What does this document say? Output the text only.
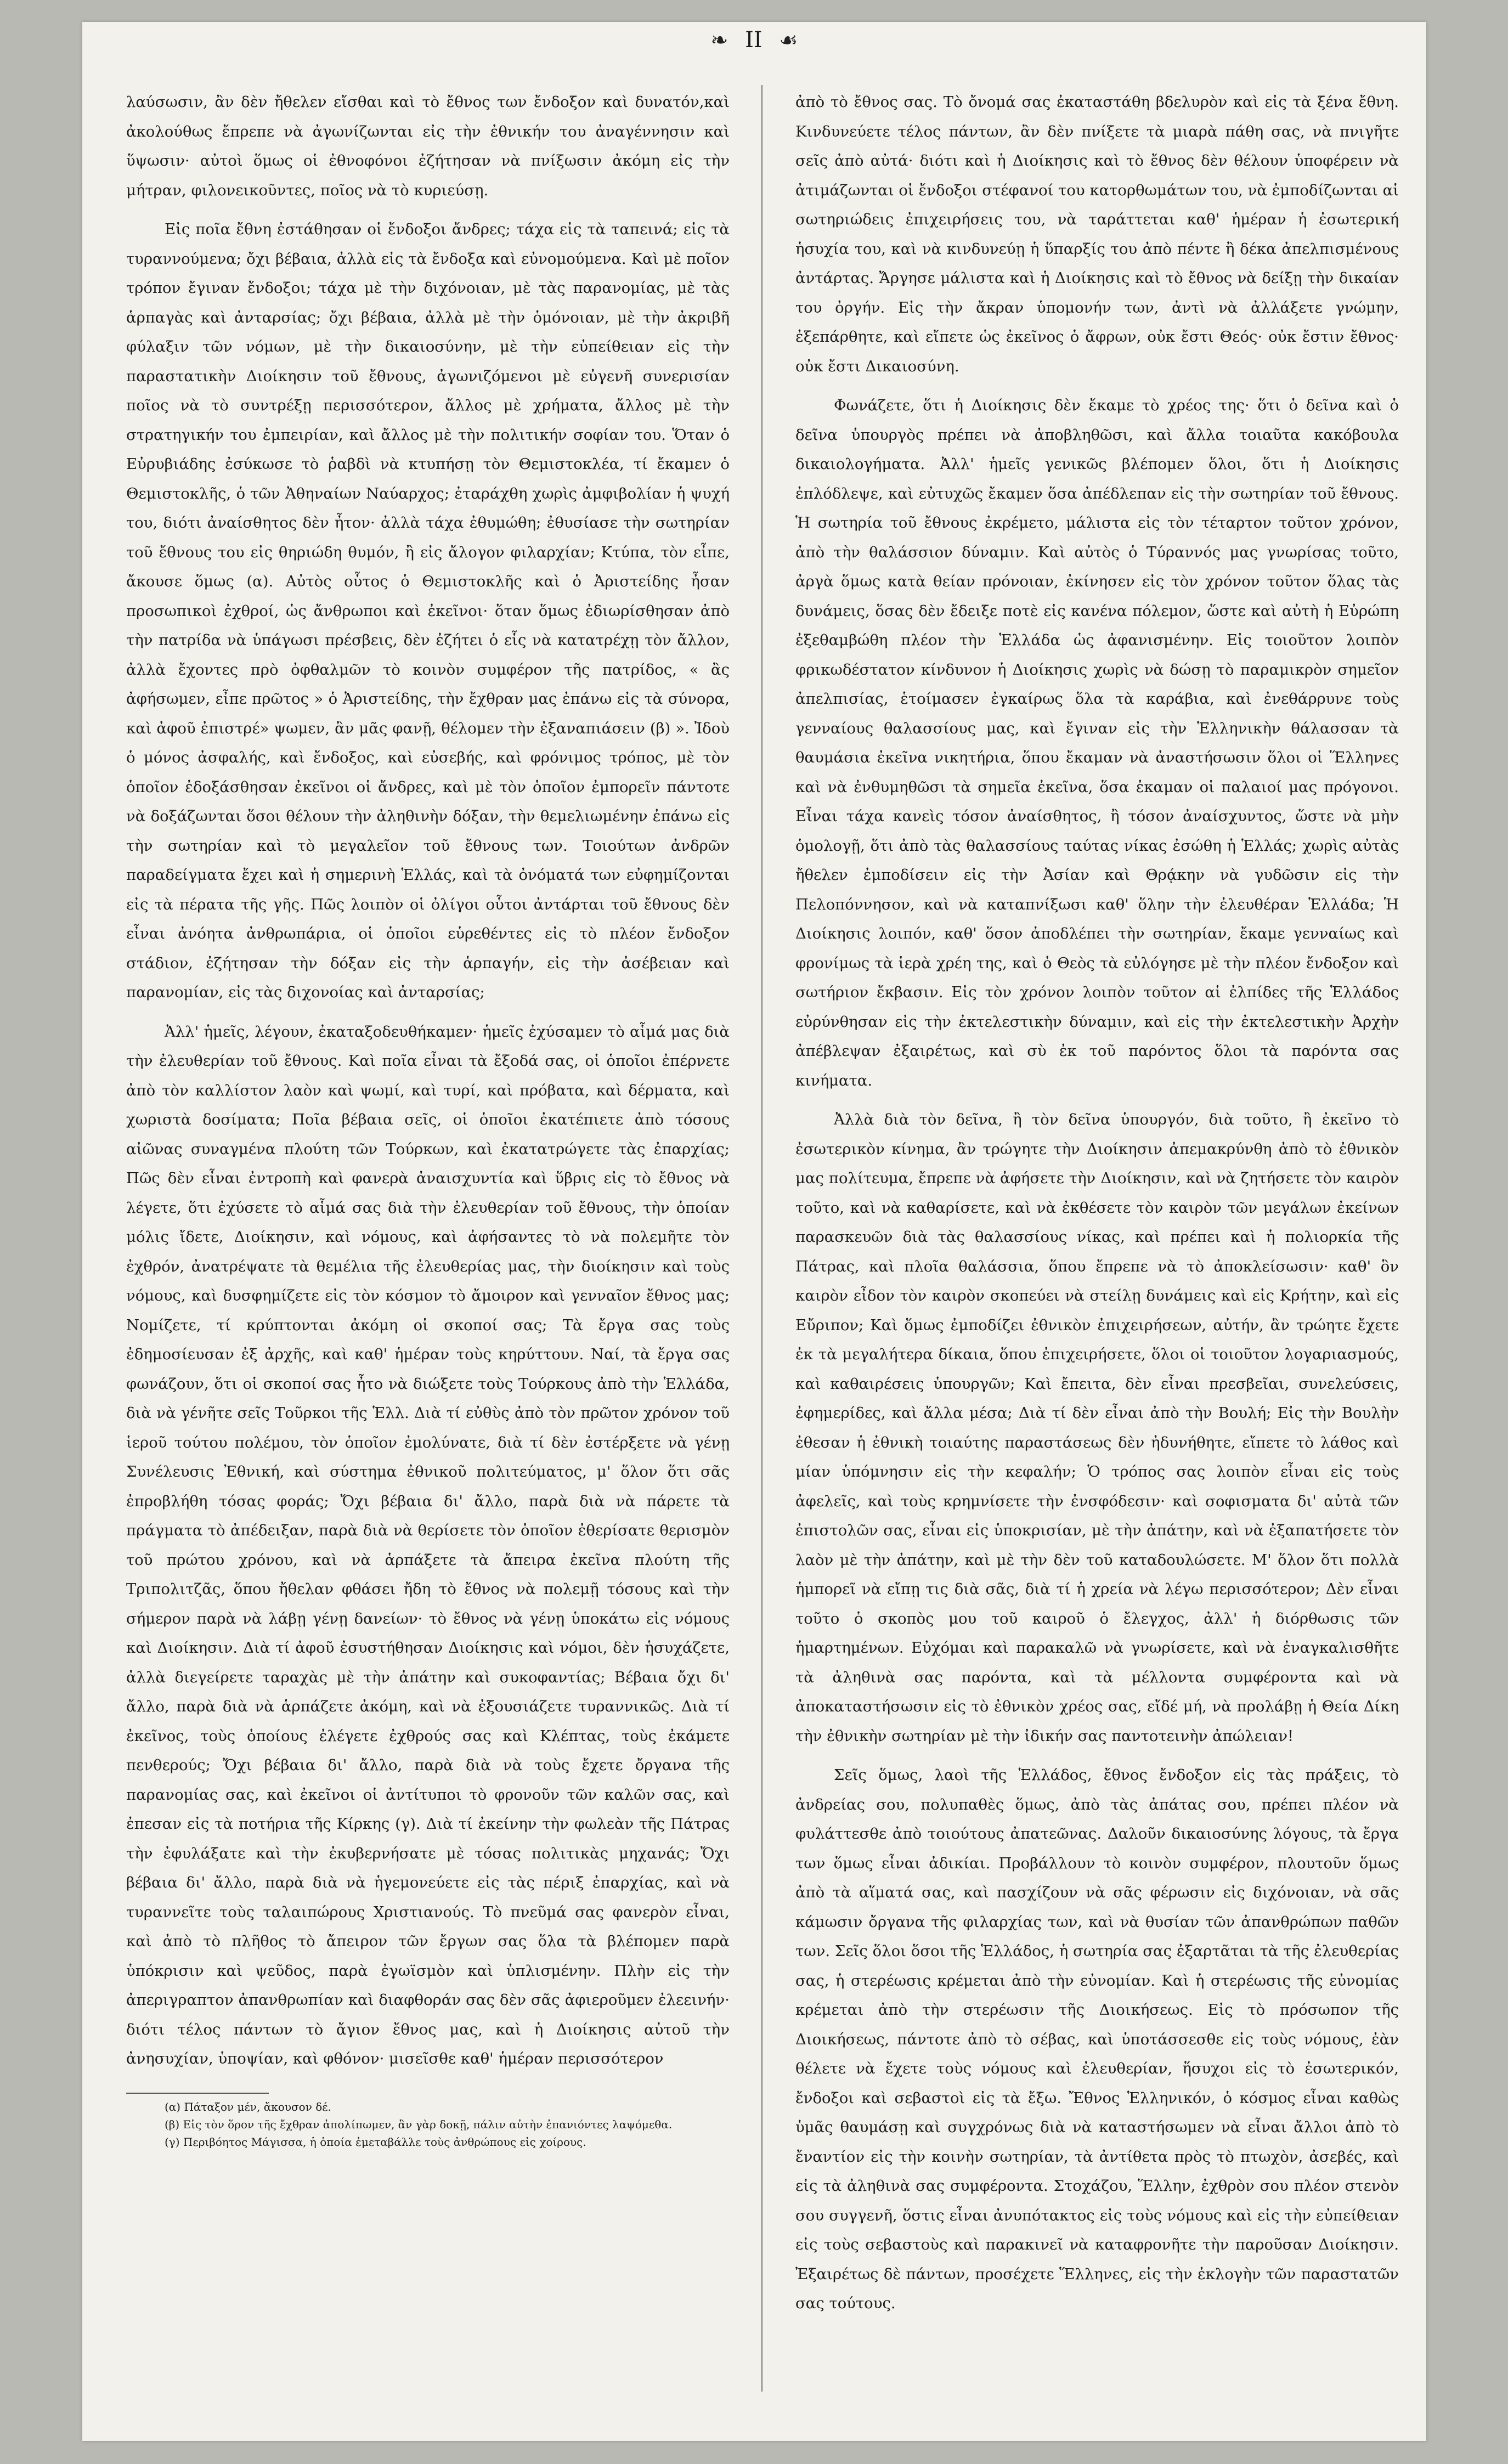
❧ ΙΙ ☙

λαύσωσιν, ἂν δὲν ἤθελεν εἴσθαι καὶ τὸ ἔθνος των ἔνδοξον καὶ δυνατόν,καὶ ἀκολούθως ἔπρεπε νὰ ἀγωνίζωνται εἰς τὴν ἐθνικήν του ἀναγέννησιν καὶ ὕψωσιν· αὐτοὶ ὅμως οἱ ἐθνοφόνοι ἐζήτησαν νὰ πνίξωσιν ἀκόμη εἰς τὴν μήτραν, φιλονεικοῦντες, ποῖος νὰ τὸ κυριεύσῃ.

Εἰς ποῖα ἔθνη ἐστάθησαν οἱ ἔνδοξοι ἄνδρες; τάχα εἰς τὰ ταπεινά; εἰς τὰ τυραννούμενα; ὄχι βέβαια, ἀλλὰ εἰς τὰ ἔνδοξα καὶ εὐνομούμενα. Καὶ μὲ ποῖον τρόπον ἔγιναν ἔνδοξοι; τάχα μὲ τὴν διχόνοιαν, μὲ τὰς παρανομίας, μὲ τὰς ἁρπαγὰς καὶ ἀνταρσίας; ὄχι βέβαια, ἀλλὰ μὲ τὴν ὁμόνοιαν, μὲ τὴν ἀκριβῆ φύλαξιν τῶν νόμων, μὲ τὴν δικαιοσύνην, μὲ τὴν εὐπείθειαν εἰς τὴν παραστατικὴν Διοίκησιν τοῦ ἔθνους, ἀγωνιζόμενοι μὲ εὐγενῆ συνερισίαν ποῖος νὰ τὸ συντρέξῃ περισσότερον, ἄλλος μὲ χρήματα, ἄλλος μὲ τὴν στρατηγικήν του ἐμπειρίαν, καὶ ἄλλος μὲ τὴν πολιτικήν σοφίαν του. Ὅταν ὁ Εὐρυβιάδης ἐσύκωσε τὸ ῥαβδὶ νὰ κτυπήσῃ τὸν Θεμιστοκλέα, τί ἔκαμεν ὁ Θεμιστοκλῆς, ὁ τῶν Ἀθηναίων Ναύαρχος; ἐταράχθη χωρὶς ἀμφιβολίαν ἡ ψυχή του, διότι ἀναίσθητος δὲν ἦτον· ἀλλὰ τάχα ἐθυμώθη; ἐθυσίασε τὴν σωτηρίαν τοῦ ἔθνους του εἰς θηριώδη θυμόν, ἢ εἰς ἄλογον φιλαρχίαν; Κτύπα, τὸν εἶπε, ἄκουσε ὅμως (α). Αὐτὸς οὗτος ὁ Θεμιστοκλῆς καὶ ὁ Ἀριστείδης ἦσαν προσωπικοὶ ἐχθροί, ὡς ἄνθρωποι καὶ ἐκεῖνοι· ὅταν ὅμως ἐδιωρίσθησαν ἀπὸ τὴν πατρίδα νὰ ὑπάγωσι πρέσβεις, δὲν ἐζήτει ὁ εἷς νὰ κατατρέχῃ τὸν ἄλλον, ἀλλὰ ἔχοντες πρὸ ὀφθαλμῶν τὸ κοινὸν συμφέρον τῆς πατρίδος, « ἂς ἀφήσωμεν, εἶπε πρῶτος » ὁ Ἀριστείδης, τὴν ἔχθραν μας ἐπάνω εἰς τὰ σύνορα, καὶ ἀφοῦ ἐπιστρέ» ψωμεν, ἂν μᾶς φανῇ, θέλομεν τὴν ἐξαναπιάσειν (β) ». Ἰδοὺ ὁ μόνος ἀσφαλής, καὶ ἔνδοξος, καὶ εὐσεβής, καὶ φρόνιμος τρόπος, μὲ τὸν ὁποῖον ἐδοξάσθησαν ἐκεῖνοι οἱ ἄνδρες, καὶ μὲ τὸν ὁποῖον ἐμπορεῖν πάντοτε νὰ δοξάζωνται ὅσοι θέλουν τὴν ἀληθινὴν δόξαν, τὴν θεμελιωμένην ἐπάνω εἰς τὴν σωτηρίαν καὶ τὸ μεγαλεῖον τοῦ ἔθνους των. Τοιούτων ἀνδρῶν παραδείγματα ἔχει καὶ ἡ σημερινὴ Ἑλλάς, καὶ τὰ ὀνόματά των εὐφημίζονται εἰς τὰ πέρατα τῆς γῆς. Πῶς λοιπὸν οἱ ὀλίγοι οὗτοι ἀντάρται τοῦ ἔθνους δὲν εἶναι ἀνόητα ἀνθρωπάρια, οἱ ὁποῖοι εὑρεθέντες εἰς τὸ πλέον ἔνδοξον στάδιον, ἐζήτησαν τὴν δόξαν εἰς τὴν ἁρπαγήν, εἰς τὴν ἀσέβειαν καὶ παρανομίαν, εἰς τὰς διχονοίας καὶ ἀνταρσίας;

Ἀλλ' ἡμεῖς, λέγουν, ἐκαταξοδευθήκαμεν· ἡμεῖς ἐχύσαμεν τὸ αἷμά μας διὰ τὴν ἐλευθερίαν τοῦ ἔθνους. Καὶ ποῖα εἶναι τὰ ἔξοδά σας, οἱ ὁποῖοι ἐπέρνετε ἀπὸ τὸν καλλίστον λαὸν καὶ ψωμί, καὶ τυρί, καὶ πρόβατα, καὶ δέρματα, καὶ χωριστὰ δοσίματα; Ποῖα βέβαια σεῖς, οἱ ὁποῖοι ἐκατέπιετε ἀπὸ τόσους αἰῶνας συναγμένα πλούτη τῶν Τούρκων, καὶ ἐκατατρώγετε τὰς ἐπαρχίας; Πῶς δὲν εἶναι ἐντροπὴ καὶ φανερὰ ἀναισχυντία καὶ ὕβρις εἰς τὸ ἔθνος νὰ λέγετε, ὅτι ἐχύσετε τὸ αἷμά σας διὰ τὴν ἐλευθερίαν τοῦ ἔθνους, τὴν ὁποίαν μόλις ἴδετε, Διοίκησιν, καὶ νόμους, καὶ ἀφήσαντες τὸ νὰ πολεμῆτε τὸν ἐχθρόν, ἀνατρέψατε τὰ θεμέλια τῆς ἐλευθερίας μας, τὴν διοίκησιν καὶ τοὺς νόμους, καὶ δυσφημίζετε εἰς τὸν κόσμον τὸ ἄμοιρον καὶ γενναῖον ἔθνος μας; Νομίζετε, τί κρύπτονται ἀκόμη οἱ σκοποί σας; Τὰ ἔργα σας τοὺς ἐδημοσίευσαν ἐξ ἀρχῆς, καὶ καθ' ἡμέραν τοὺς κηρύττουν. Ναί, τὰ ἔργα σας φωνάζουν, ὅτι οἱ σκοποί σας ἦτο νὰ διώξετε τοὺς Τούρκους ἀπὸ τὴν Ἑλλάδα, διὰ νὰ γένῆτε σεῖς Τοῦρκοι τῆς Ἑλλ. Διὰ τί εὐθὺς ἀπὸ τὸν πρῶτον χρόνον τοῦ ἱεροῦ τούτου πολέμου, τὸν ὁποῖον ἐμολύνατε, διὰ τί δὲν ἐστέρξετε νὰ γένῃ Συνέλευσις Ἐθνική, καὶ σύστημα ἐθνικοῦ πολιτεύματος, μ' ὅλον ὅτι σᾶς ἐπροβλήθη τόσας φοράς; Ὄχι βέβαια δι' ἄλλο, παρὰ διὰ νὰ πάρετε τὰ πράγματα τὸ ἀπέδειξαν, παρὰ διὰ νὰ θερίσετε τὸν ὁποῖον ἐθερίσατε θερισμὸν τοῦ πρώτου χρόνου, καὶ νὰ ἁρπάξετε τὰ ἄπειρα ἐκεῖνα πλούτη τῆς Τριπολιτζᾶς, ὅπου ἤθελαν φθάσει ἤδη τὸ ἔθνος νὰ πολεμῇ τόσους καὶ τὴν σήμερον παρὰ νὰ λάβῃ γένῃ δανείων· τὸ ἔθνος νὰ γένῃ ὑποκάτω εἰς νόμους καὶ Διοίκησιν. Διὰ τί ἀφοῦ ἐσυστήθησαν Διοίκησις καὶ νόμοι, δὲν ἡσυχάζετε, ἀλλὰ διεγείρετε ταραχὰς μὲ τὴν ἀπάτην καὶ συκοφαντίας; Βέβαια ὄχι δι' ἄλλο, παρὰ διὰ νὰ ἁρπάζετε ἀκόμη, καὶ νὰ ἐξουσιάζετε τυραννικῶς. Διὰ τί ἐκεῖνος, τοὺς ὁποίους ἐλέγετε ἐχθρούς σας καὶ Κλέπτας, τοὺς ἐκάμετε πενθερούς; Ὄχι βέβαια δι' ἄλλο, παρὰ διὰ νὰ τοὺς ἔχετε ὄργανα τῆς παρανομίας σας, καὶ ἐκεῖνοι οἱ ἀντίτυποι τὸ φρονοῦν τῶν καλῶν σας, καὶ ἐπεσαν εἰς τὰ ποτήρια τῆς Κίρκης (γ). Διὰ τί ἐκείνην τὴν φωλεὰν τῆς Πάτρας τὴν ἐφυλάξατε καὶ τὴν ἐκυβερνήσατε μὲ τόσας πολιτικὰς μηχανάς; Ὄχι βέβαια δι' ἄλλο, παρὰ διὰ νὰ ἡγεμονεύετε εἰς τὰς πέριξ ἐπαρχίας, καὶ νὰ τυραννεῖτε τοὺς ταλαιπώρους Χριστιανούς. Τὸ πνεῦμά σας φανερὸν εἶναι, καὶ ἀπὸ τὸ πλῆθος τὸ ἄπειρον τῶν ἔργων σας ὅλα τὰ βλέπομεν παρὰ ὑπόκρισιν καὶ ψεῦδος, παρὰ ἐγωϊσμὸν καὶ ὑπλισμένην. Πλὴν εἰς τὴν ἀπεριγραπτον ἀπανθρωπίαν καὶ διαφθοράν σας δὲν σᾶς ἀφιεροῦμεν ἐλεεινήν· διότι τέλος πάντων τὸ ἄγιον ἔθνος μας, καὶ ἡ Διοίκησις αὐτοῦ τὴν ἀνησυχίαν, ὑποψίαν, καὶ φθόνον· μισεῖσθε καθ' ἡμέραν περισσότερον

(α) Πάταξον μέν, ἄκουσον δέ.

(β) Εἰς τὸν ὅρον τῆς ἔχθραν ἀπολίπωμεν, ἂν γὰρ δοκῇ, πάλιν αὐτὴν ἐπανιόντες λαψόμεθα.

(γ) Περιβόητος Μάγισσα, ἡ ὁποία ἐμεταβάλλε τοὺς ἀνθρώπους εἰς χοίρους.

ἀπὸ τὸ ἔθνος σας. Τὸ ὄνομά σας ἐκαταστάθη βδελυρὸν καὶ εἰς τὰ ξένα ἔθνη. Κινδυνεύετε τέλος πάντων, ἂν δὲν πνίξετε τὰ μιαρὰ πάθη σας, νὰ πνιγῆτε σεῖς ἀπὸ αὐτά· διότι καὶ ἡ Διοίκησις καὶ τὸ ἔθνος δὲν θέλουν ὑποφέρειν νὰ ἀτιμάζωνται οἱ ἔνδοξοι στέφανοί του κατορθωμάτων του, νὰ ἐμποδίζωνται αἱ σωτηριώδεις ἐπιχειρήσεις του, νὰ ταράττεται καθ' ἡμέραν ἡ ἐσωτερική ἡσυχία του, καὶ νὰ κινδυνεύῃ ἡ ὕπαρξίς του ἀπὸ πέντε ἢ δέκα ἀπελπισμένους ἀντάρτας. Ἄργησε μάλιστα καὶ ἡ Διοίκησις καὶ τὸ ἔθνος νὰ δείξῃ τὴν δικαίαν του ὀργήν. Εἰς τὴν ἄκραν ὑπομονήν των, ἀντὶ νὰ ἀλλάξετε γνώμην, ἐξεπάρθητε, καὶ εἴπετε ὡς ἐκεῖνος ὁ ἄφρων, οὐκ ἔστι Θεός· οὐκ ἔστιν ἔθνος· οὐκ ἔστι Δικαιοσύνη.

Φωνάζετε, ὅτι ἡ Διοίκησις δὲν ἔκαμε τὸ χρέος της· ὅτι ὁ δεῖνα καὶ ὁ δεῖνα ὑπουργὸς πρέπει νὰ ἀποβληθῶσι, καὶ ἄλλα τοιαῦτα κακόβουλα δικαιολογήματα. Ἀλλ' ἡμεῖς γενικῶς βλέπομεν ὅλοι, ὅτι ἡ Διοίκησις ἐπλόδλεψε, καὶ εὐτυχῶς ἔκαμεν ὅσα ἀπέδλεπαν εἰς τὴν σωτηρίαν τοῦ ἔθνους. Ἡ σωτηρία τοῦ ἔθνους ἐκρέμετο, μάλιστα εἰς τὸν τέταρτον τοῦτον χρόνον, ἀπὸ τὴν θαλάσσιον δύναμιν. Καὶ αὐτὸς ὁ Τύραννός μας γνωρίσας τοῦτο, ἀργὰ ὅμως κατὰ θείαν πρόνοιαν, ἐκίνησεν εἰς τὸν χρόνον τοῦτον ὅλας τὰς δυνάμεις, ὅσας δὲν ἔδειξε ποτὲ εἰς κανένα πόλεμον, ὥστε καὶ αὐτὴ ἡ Εὐρώπη ἐξεθαμβώθη πλέον τὴν Ἑλλάδα ὡς ἀφανισμένην. Εἰς τοιοῦτον λοιπὸν φρικωδέστατον κίνδυνον ἡ Διοίκησις χωρὶς νὰ δώσῃ τὸ παραμικρὸν σημεῖον ἀπελπισίας, ἑτοίμασεν ἐγκαίρως ὅλα τὰ καράβια, καὶ ἐνεθάρρυνε τοὺς γενναίους θαλασσίους μας, καὶ ἔγιναν εἰς τὴν Ἑλληνικὴν θάλασσαν τὰ θαυμάσια ἐκεῖνα νικητήρια, ὅπου ἔκαμαν νὰ ἀναστήσωσιν ὅλοι οἱ Ἕλληνες καὶ νὰ ἐνθυμηθῶσι τὰ σημεῖα ἐκεῖνα, ὅσα ἐκαμαν οἱ παλαιοί μας πρόγονοι. Εἶναι τάχα κανεὶς τόσον ἀναίσθητος, ἢ τόσον ἀναίσχυντος, ὥστε νὰ μὴν ὁμολογῇ, ὅτι ἀπὸ τὰς θαλασσίους ταύτας νίκας ἐσώθη ἡ Ἑλλάς; χωρὶς αὐτὰς ἤθελεν ἐμποδίσειν εἰς τὴν Ἀσίαν καὶ Θρᾴκην νὰ γυδῶσιν εἰς τὴν Πελοπόννησον, καὶ νὰ καταπνίξωσι καθ' ὅλην τὴν ἐλευθέραν Ἑλλάδα; Ἡ Διοίκησις λοιπόν, καθ' ὅσον ἀποδλέπει τὴν σωτηρίαν, ἔκαμε γενναίως καὶ φρονίμως τὰ ἱερὰ χρέη της, καὶ ὁ Θεὸς τὰ εὐλόγησε μὲ τὴν πλέον ἔνδοξον καὶ σωτήριον ἔκβασιν. Εἰς τὸν χρόνον λοιπὸν τοῦτον αἱ ἐλπίδες τῆς Ἑλλάδος εὐρύνθησαν εἰς τὴν ἐκτελεστικὴν δύναμιν, καὶ εἰς τὴν ἐκτελεστικὴν Ἀρχὴν ἀπέβλεψαν ἐξαιρέτως, καὶ σὺ ἐκ τοῦ παρόντος ὅλοι τὰ παρόντα σας κινήματα.

Ἀλλὰ διὰ τὸν δεῖνα, ἢ τὸν δεῖνα ὑπουργόν, διὰ τοῦτο, ἢ ἐκεῖνο τὸ ἐσωτερικὸν κίνημα, ἂν τρώγητε τὴν Διοίκησιν ἀπεμακρύνθη ἀπὸ τὸ ἐθνικὸν μας πολίτευμα, ἔπρεπε νὰ ἀφήσετε τὴν Διοίκησιν, καὶ νὰ ζητήσετε τὸν καιρὸν τοῦτο, καὶ νὰ καθαρίσετε, καὶ νὰ ἐκθέσετε τὸν καιρὸν τῶν μεγάλων ἐκείνων παρασκευῶν διὰ τὰς θαλασσίους νίκας, καὶ πρέπει καὶ ἡ πολιορκία τῆς Πάτρας, καὶ πλοῖα θαλάσσια, ὅπου ἔπρεπε νὰ τὸ ἀποκλείσωσιν· καθ' ὃν καιρὸν εἶδον τὸν καιρὸν σκοπεύει νὰ στείλῃ δυνάμεις καὶ εἰς Κρήτην, καὶ εἰς Εὔριπον; Καὶ ὅμως ἐμποδίζει ἐθνικὸν ἐπιχειρήσεων, αὐτήν, ἂν τρώητε ἔχετε ἐκ τὰ μεγαλήτερα δίκαια, ὅπου ἐπιχειρήσετε, ὅλοι οἱ τοιοῦτον λογαριασμούς, καὶ καθαιρέσεις ὑπουργῶν; Καὶ ἔπειτα, δὲν εἶναι πρεσβεῖαι, συνελεύσεις, ἐφημερίδες, καὶ ἄλλα μέσα; Διὰ τί δὲν εἶναι ἀπὸ τὴν Βουλή; Εἰς τὴν Βουλὴν ἐθεσαν ἡ ἐθνικὴ τοιαύτης παραστάσεως δὲν ἠδυνήθητε, εἴπετε τὸ λάθος καὶ μίαν ὑπόμνησιν εἰς τὴν κεφαλήν; Ὁ τρόπος σας λοιπὸν εἶναι εἰς τοὺς ἀφελεῖς, καὶ τοὺς κρημνίσετε τὴν ἐνσφόδεσιν· καὶ σοφισματα δι' αὐτὰ τῶν ἐπιστολῶν σας, εἶναι εἰς ὑποκρισίαν, μὲ τὴν ἀπάτην, καὶ νὰ ἐξαπατήσετε τὸν λαὸν μὲ τὴν ἀπάτην, καὶ μὲ τὴν δὲν τοῦ καταδουλώσετε. Μ' ὅλον ὅτι πολλὰ ἡμπορεῖ νὰ εἴπῃ τις διὰ σᾶς, διὰ τί ἡ χρεία νὰ λέγω περισσότερον; Δὲν εἶναι τοῦτο ὁ σκοπὸς μου τοῦ καιροῦ ὁ ἔλεγχος, ἀλλ' ἡ διόρθωσις τῶν ἡμαρτημένων. Εὐχόμαι καὶ παρακαλῶ νὰ γνωρίσετε, καὶ νὰ ἐναγκαλισθῆτε τὰ ἀληθινὰ σας παρόντα, καὶ τὰ μέλλοντα συμφέροντα καὶ νὰ ἀποκαταστήσωσιν εἰς τὸ ἐθνικὸν χρέος σας, εἴδέ μή, νὰ προλάβῃ ἡ Θεία Δίκη τὴν ἐθνικὴν σωτηρίαν μὲ τὴν ἰδικήν σας παντοτεινὴν ἀπώλειαν!

Σεῖς ὅμως, λαοὶ τῆς Ἑλλάδος, ἔθνος ἔνδοξον εἰς τὰς πράξεις, τὸ ἀνδρείας σου, πολυπαθὲς ὅμως, ἀπὸ τὰς ἀπάτας σου, πρέπει πλέον νὰ φυλάττεσθε ἀπὸ τοιούτους ἀπατεῶνας. Δαλοῦν δικαιοσύνης λόγους, τὰ ἔργα των ὅμως εἶναι ἀδικίαι. Προβάλλουν τὸ κοινὸν συμφέρον, πλουτοῦν ὅμως ἀπὸ τὰ αἵματά σας, καὶ πασχίζουν νὰ σᾶς φέρωσιν εἰς διχόνοιαν, νὰ σᾶς κάμωσιν ὄργανα τῆς φιλαρχίας των, καὶ νὰ θυσίαν τῶν ἀπανθρώπων παθῶν των. Σεῖς ὅλοι ὅσοι τῆς Ἑλλάδος, ἡ σωτηρία σας ἐξαρτᾶται τὰ τῆς ἐλευθερίας σας, ἡ στερέωσις κρέμεται ἀπὸ τὴν εὐνομίαν. Καὶ ἡ στερέωσις τῆς εὐνομίας κρέμεται ἀπὸ τὴν στερέωσιν τῆς Διοικήσεως. Εἰς τὸ πρόσωπον τῆς Διοικήσεως, πάντοτε ἀπὸ τὸ σέβας, καὶ ὑποτάσσεσθε εἰς τοὺς νόμους, ἐὰν θέλετε νὰ ἔχετε τοὺς νόμους καὶ ἐλευθερίαν, ἥσυχοι εἰς τὸ ἐσωτερικόν, ἔνδοξοι καὶ σεβαστοὶ εἰς τὰ ἔξω. Ἔθνος Ἑλληνικόν, ὁ κόσμος εἶναι καθὼς ὑμᾶς θαυμάσῃ καὶ συγχρόνως διὰ νὰ καταστήσωμεν νὰ εἶναι ἄλλοι ἀπὸ τὸ ἔναντίον εἰς τὴν κοινὴν σωτηρίαν, τὰ ἀντίθετα πρὸς τὸ πτωχὸν, ἀσεβές, καὶ εἰς τὰ ἀληθινὰ σας συμφέροντα. Στοχάζου, Ἕλλην, ἐχθρὸν σου πλέον στενὸν σου συγγενῆ, ὅστις εἶναι ἀνυπότακτος εἰς τοὺς νόμους καὶ εἰς τὴν εὐπείθειαν εἰς τοὺς σεβαστοὺς καὶ παρακινεῖ νὰ καταφρονῆτε τὴν παροῦσαν Διοίκησιν. Ἐξαιρέτως δὲ πάντων, προσέχετε Ἕλληνες, εἰς τὴν ἐκλογὴν τῶν παραστατῶν σας τούτους.
